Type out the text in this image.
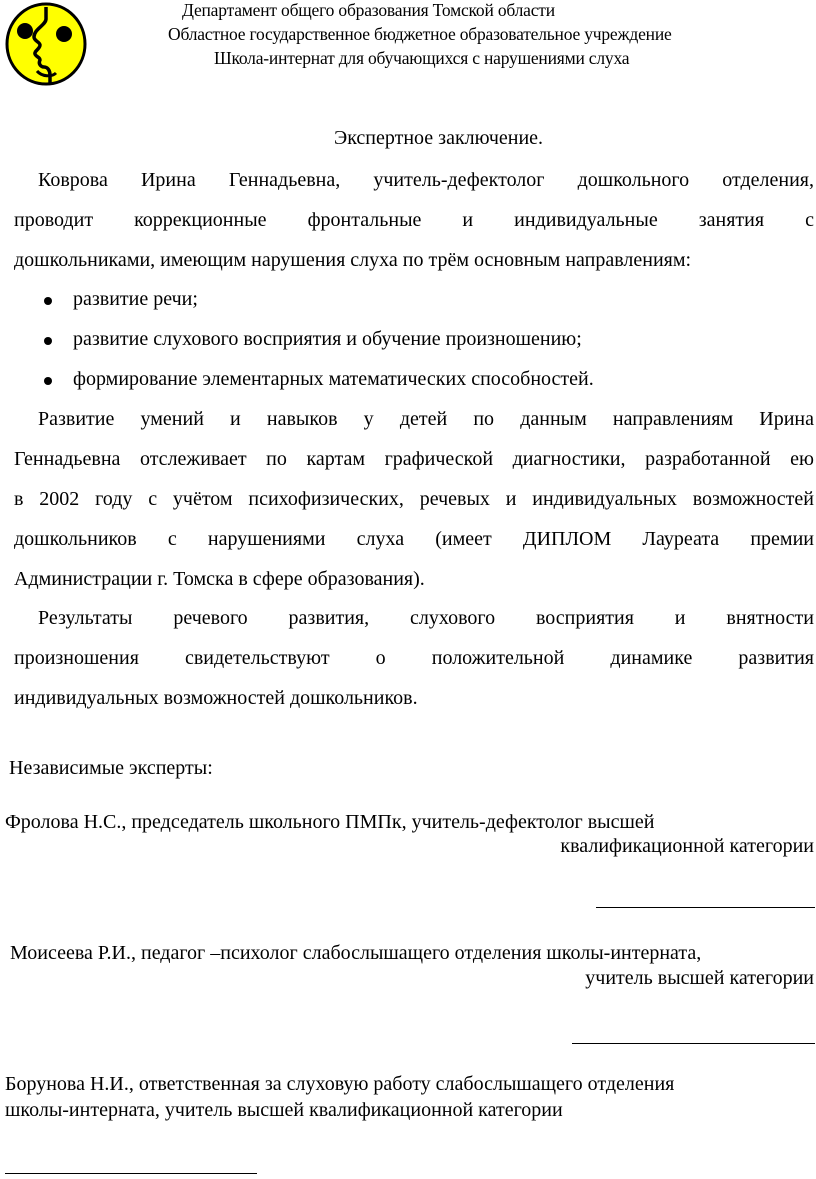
Департамент общего образования Томской области
Областное государственное бюджетное образовательное учреждение
Школа-интернат для обучающихся с нарушениями слуха
Экспертное заключение.
Коврова Ирина Геннадьевна, учитель-дефектолог дошкольного отделения,
проводит коррекционные фронтальные и индивидуальные занятия с
дошкольниками, имеющим нарушения слуха по трём основным направлениям:
развитие речи;
развитие слухового восприятия и обучение произношению;
формирование элементарных математических способностей.
Развитие умений и навыков у детей по данным направлениям Ирина
Геннадьевна отслеживает по картам графической диагностики, разработанной ею
в 2002 году с учётом психофизических, речевых и индивидуальных возможностей
дошкольников с нарушениями слуха (имеет ДИПЛОМ Лауреата премии
Администрации г. Томска в сфере образования).
Результаты речевого развития, слухового восприятия и внятности
произношения свидетельствуют о положительной динамике развития
индивидуальных возможностей дошкольников.
Независимые эксперты:
Фролова Н.С., председатель школьного ПМПк, учитель-дефектолог высшей
квалификационной категории
Моисеева Р.И., педагог –психолог слабослышащего отделения школы-интерната,
учитель высшей категории
Борунова Н.И., ответственная за слуховую работу слабослышащего отделения
школы-интерната, учитель высшей квалификационной категории
